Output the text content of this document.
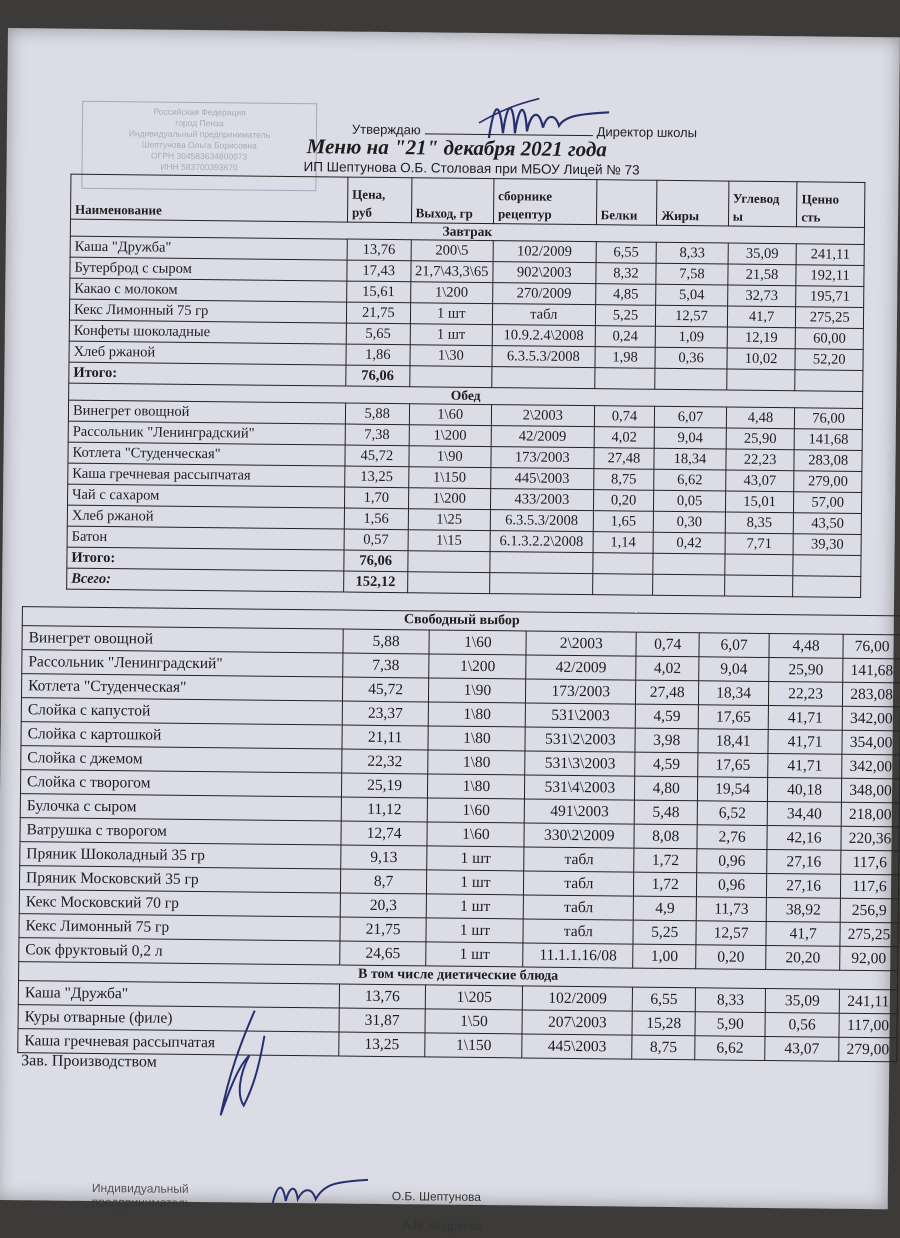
Российская Федерация
город Пенза
Индивидуальный предприниматель
Шептунова Ольга Борисовна
ОГРН 304583634800073
ИНН 583700393670
Утверждаю	Директор школы
Меню на "21" декабря 2021 года
ИП Шептунова О.Б. Столовая при МБОУ Лицей № 73
Наименование	Цена, руб	Выход, гр	сборнике рецептур	Белки	Жиры	Углевод ы	Ценно сть
Завтрак							
Каша "Дружба"	13,76	200\5	102/2009	6,55	8,33	35,09	241,11
Бутерброд с сыром	17,43	21,7\43,3\65	902\2003	8,32	7,58	21,58	192,11
Какао с молоком	15,61	1\200	270/2009	4,85	5,04	32,73	195,71
Кекс Лимонный 75 гр	21,75	1 шт	табл	5,25	12,57	41,7	275,25
Конфеты шоколадные	5,65	1 шт	10.9.2.4\2008	0,24	1,09	12,19	60,00
Хлеб ржаной	1,86	1\30	6.3.5.3/2008	1,98	0,36	10,02	52,20
Итого:	76,06						
Обед							
Винегрет овощной	5,88	1\60	2\2003	0,74	6,07	4,48	76,00
Рассольник "Ленинградский"	7,38	1\200	42/2009	4,02	9,04	25,90	141,68
Котлета "Студенческая"	45,72	1\90	173/2003	27,48	18,34	22,23	283,08
Каша гречневая рассыпчатая	13,25	1\150	445\2003	8,75	6,62	43,07	279,00
Чай с сахаром	1,70	1\200	433/2003	0,20	0,05	15,01	57,00
Хлеб ржаной	1,56	1\25	6.3.5.3/2008	1,65	0,30	8,35	43,50
Батон	0,57	1\15	6.1.3.2.2\2008	1,14	0,42	7,71	39,30
Итого:	76,06						
Всего:	152,12						
Свободный выбор							
Винегрет овощной	5,88	1\60	2\2003	0,74	6,07	4,48	76,00
Рассольник "Ленинградский"	7,38	1\200	42/2009	4,02	9,04	25,90	141,68
Котлета "Студенческая"	45,72	1\90	173/2003	27,48	18,34	22,23	283,08
Слойка с капустой	23,37	1\80	531\2003	4,59	17,65	41,71	342,00
Слойка с картошкой	21,11	1\80	531\2\2003	3,98	18,41	41,71	354,00
Слойка с джемом	22,32	1\80	531\3\2003	4,59	17,65	41,71	342,00
Слойка с творогом	25,19	1\80	531\4\2003	4,80	19,54	40,18	348,00
Булочка с сыром	11,12	1\60	491\2003	5,48	6,52	34,40	218,00
Ватрушка с творогом	12,74	1\60	330\2\2009	8,08	2,76	42,16	220,36
Пряник Шоколадный 35 гр	9,13	1 шт	табл	1,72	0,96	27,16	117,6
Пряник Московский 35 гр	8,7	1 шт	табл	1,72	0,96	27,16	117,6
Кекс Московский 70 гр	20,3	1 шт	табл	4,9	11,73	38,92	256,9
Кекс Лимонный 75 гр	21,75	1 шт	табл	5,25	12,57	41,7	275,25
Сок фруктовый 0,2 л	24,65	1 шт	11.1.1.16/08	1,00	0,20	20,20	92,00
В том числе диетические блюда							
Каша "Дружба"	13,76	1\205	102/2009	6,55	8,33	35,09	241,11
Куры отварные (филе)	31,87	1\50	207\2003	15,28	5,90	0,56	117,00
Каша гречневая рассыпчатая	13,25	1\150	445\2003	8,75	6,62	43,07	279,00
Зав. Производством
Индивидуальный предприниматель	О.Б. Шептунова
А.В. Андреева
